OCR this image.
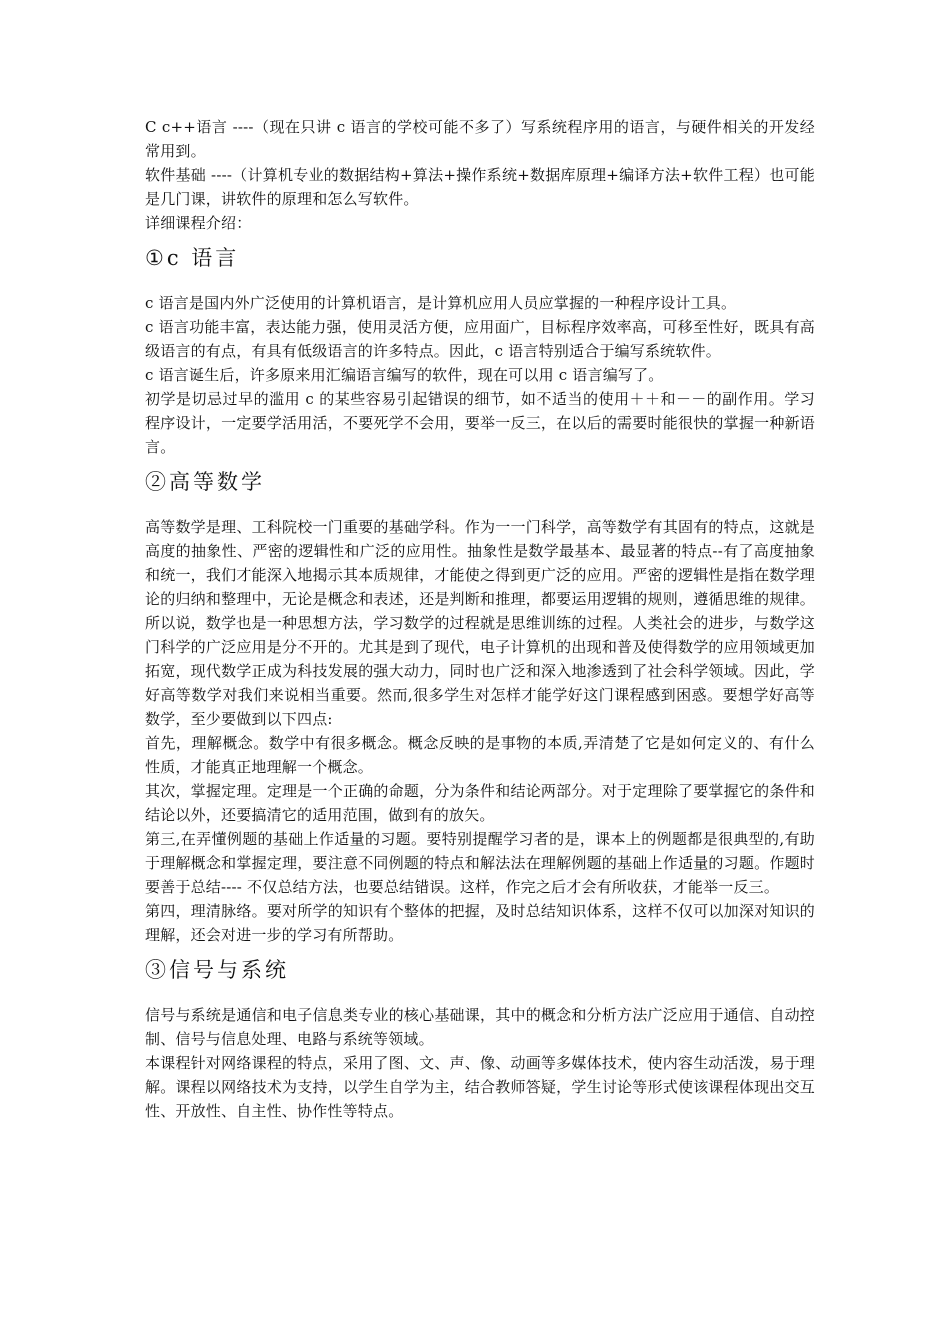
C c++语言 ----（现在只讲 c 语言的学校可能不多了）写系统程序用的语言，与硬件相关的开发经常用到。

软件基础 ----（计算机专业的数据结构+算法+操作系统+数据库原理+编译方法+软件工程）也可能是几门课，讲软件的原理和怎么写软件。

详细课程介绍：

①c 语言

c 语言是国内外广泛使用的计算机语言，是计算机应用人员应掌握的一种程序设计工具。

c 语言功能丰富，表达能力强，使用灵活方便，应用面广，目标程序效率高，可移至性好，既具有高级语言的有点，有具有低级语言的许多特点。因此，c 语言特别适合于编写系统软件。

c 语言诞生后，许多原来用汇编语言编写的软件，现在可以用 c 语言编写了。

初学是切忌过早的滥用 c 的某些容易引起错误的细节，如不适当的使用＋＋和－－的副作用。学习程序设计，一定要学活用活，不要死学不会用，要举一反三，在以后的需要时能很快的掌握一种新语言。

②高等数学

高等数学是理、工科院校一门重要的基础学科。作为一一门科学，高等数学有其固有的特点，这就是高度的抽象性、严密的逻辑性和广泛的应用性。抽象性是数学最基本、最显著的特点--有了高度抽象和统一，我们才能深入地揭示其本质规律，才能使之得到更广泛的应用。严密的逻辑性是指在数学理论的归纳和整理中，无论是概念和表述，还是判断和推理，都要运用逻辑的规则，遵循思维的规律。所以说，数学也是一种思想方法，学习数学的过程就是思维训练的过程。人类社会的进步，与数学这门科学的广泛应用是分不开的。尤其是到了现代，电子计算机的出现和普及使得数学的应用领域更加拓宽，现代数学正成为科技发展的强大动力，同时也广泛和深入地渗透到了社会科学领域。因此，学好高等数学对我们来说相当重要。然而,很多学生对怎样才能学好这门课程感到困惑。要想学好高等数学，至少要做到以下四点:

首先，理解概念。数学中有很多概念。概念反映的是事物的本质,弄清楚了它是如何定义的、有什么性质，才能真正地理解一个概念。

其次，掌握定理。定理是一个正确的命题，分为条件和结论两部分。对于定理除了要掌握它的条件和结论以外，还要搞清它的适用范围，做到有的放矢。

第三,在弄懂例题的基础上作适量的习题。要特别提醒学习者的是，课本上的例题都是很典型的,有助于理解概念和掌握定理，要注意不同例题的特点和解法法在理解例题的基础上作适量的习题。作题时要善于总结---- 不仅总结方法，也要总结错误。这样，作完之后才会有所收获，才能举一反三。

第四，理清脉络。要对所学的知识有个整体的把握，及时总结知识体系，这样不仅可以加深对知识的理解，还会对进一步的学习有所帮助。

③信号与系统

信号与系统是通信和电子信息类专业的核心基础课，其中的概念和分析方法广泛应用于通信、自动控制、信号与信息处理、电路与系统等领域。

本课程针对网络课程的特点，采用了图、文、声、像、动画等多媒体技术，使内容生动活泼，易于理解。课程以网络技术为支持，以学生自学为主，结合教师答疑，学生讨论等形式使该课程体现出交互性、开放性、自主性、协作性等特点。
